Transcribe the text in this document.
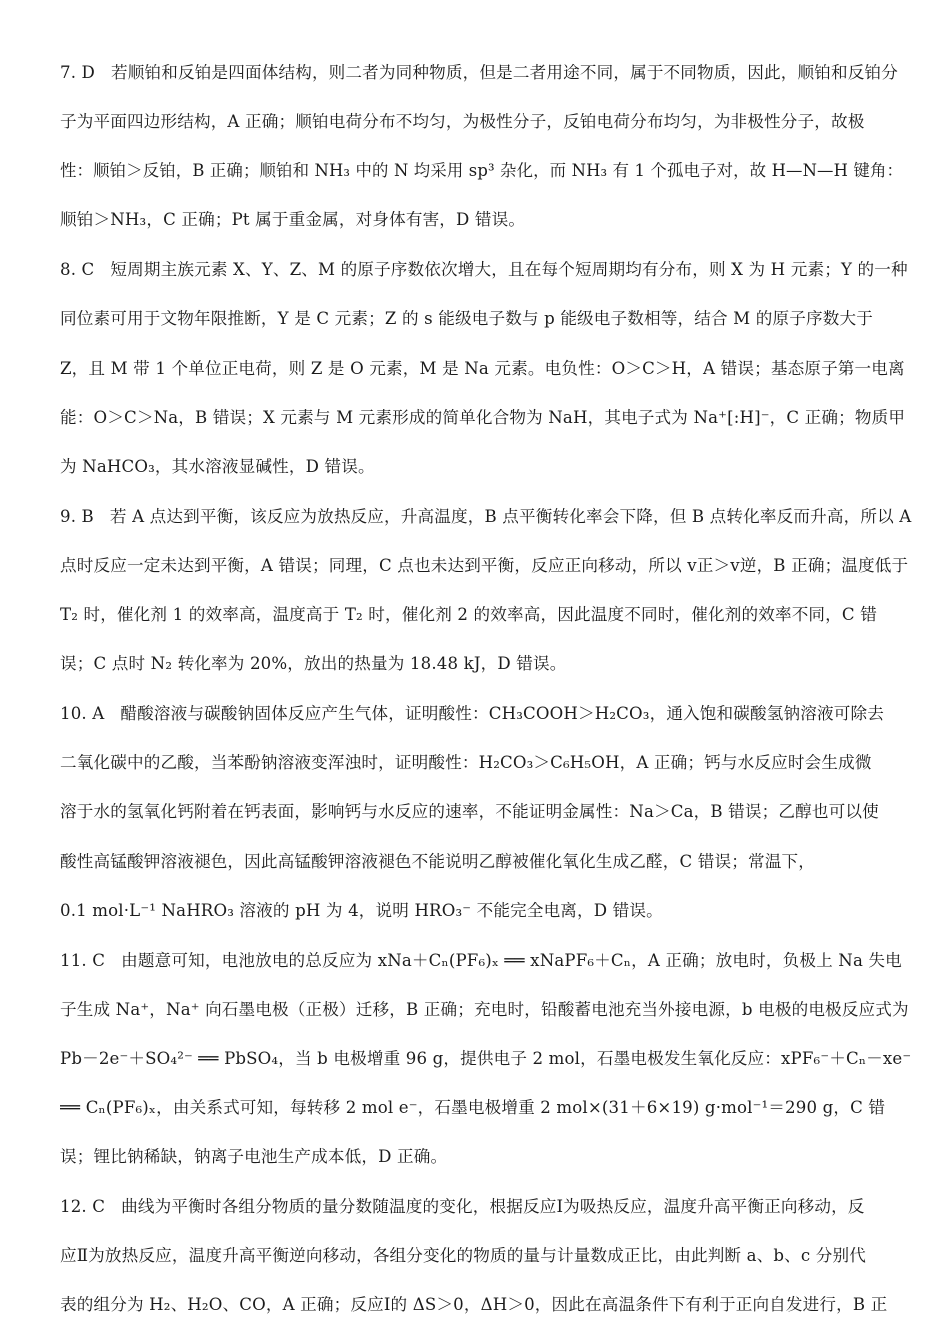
7. D 若顺铂和反铂是四面体结构，则二者为同种物质，但是二者用途不同，属于不同物质，因此，顺铂和反铂分
子为平面四边形结构，A 正确；顺铂电荷分布不均匀，为极性分子，反铂电荷分布均匀，为非极性分子，故极
性：顺铂＞反铂，B 正确；顺铂和 NH₃ 中的 N 均采用 sp³ 杂化，而 NH₃ 有 1 个孤电子对，故 H—N—H 键角：
顺铂＞NH₃，C 正确；Pt 属于重金属，对身体有害，D 错误。
8. C 短周期主族元素 X、Y、Z、M 的原子序数依次增大，且在每个短周期均有分布，则 X 为 H 元素；Y 的一种
同位素可用于文物年限推断，Y 是 C 元素；Z 的 s 能级电子数与 p 能级电子数相等，结合 M 的原子序数大于
Z，且 M 带 1 个单位正电荷，则 Z 是 O 元素，M 是 Na 元素。电负性：O＞C＞H，A 错误；基态原子第一电离
能：O＞C＞Na，B 错误；X 元素与 M 元素形成的简单化合物为 NaH，其电子式为 Na⁺[:H]⁻，C 正确；物质甲
为 NaHCO₃，其水溶液显碱性，D 错误。
9. B 若 A 点达到平衡，该反应为放热反应，升高温度，B 点平衡转化率会下降，但 B 点转化率反而升高，所以 A
点时反应一定未达到平衡，A 错误；同理，C 点也未达到平衡，反应正向移动，所以 v正＞v逆，B 正确；温度低于
T₂ 时，催化剂 1 的效率高，温度高于 T₂ 时，催化剂 2 的效率高，因此温度不同时，催化剂的效率不同，C 错
误；C 点时 N₂ 转化率为 20%，放出的热量为 18.48 kJ，D 错误。
10. A 醋酸溶液与碳酸钠固体反应产生气体，证明酸性：CH₃COOH＞H₂CO₃，通入饱和碳酸氢钠溶液可除去
二氧化碳中的乙酸，当苯酚钠溶液变浑浊时，证明酸性：H₂CO₃＞C₆H₅OH，A 正确；钙与水反应时会生成微
溶于水的氢氧化钙附着在钙表面，影响钙与水反应的速率，不能证明金属性：Na＞Ca，B 错误；乙醇也可以使
酸性高锰酸钾溶液褪色，因此高锰酸钾溶液褪色不能说明乙醇被催化氧化生成乙醛，C 错误；常温下，
0.1 mol·L⁻¹ NaHRO₃ 溶液的 pH 为 4，说明 HRO₃⁻ 不能完全电离，D 错误。
11. C 由题意可知，电池放电的总反应为 xNa＋Cₙ(PF₆)ₓ ══ xNaPF₆＋Cₙ，A 正确；放电时，负极上 Na 失电
子生成 Na⁺，Na⁺ 向石墨电极（正极）迁移，B 正确；充电时，铅酸蓄电池充当外接电源，b 电极的电极反应式为
Pb－2e⁻＋SO₄²⁻ ══ PbSO₄，当 b 电极增重 96 g，提供电子 2 mol，石墨电极发生氧化反应：xPF₆⁻＋Cₙ－xe⁻
══ Cₙ(PF₆)ₓ，由关系式可知，每转移 2 mol e⁻，石墨电极增重 2 mol×(31＋6×19) g·mol⁻¹＝290 g，C 错
误；锂比钠稀缺，钠离子电池生产成本低，D 正确。
12. C 曲线为平衡时各组分物质的量分数随温度的变化，根据反应Ⅰ为吸热反应，温度升高平衡正向移动，反
应Ⅱ为放热反应，温度升高平衡逆向移动，各组分变化的物质的量与计量数成正比，由此判断 a、b、c 分别代
表的组分为 H₂、H₂O、CO，A 正确；反应Ⅰ的 ΔS＞0，ΔH＞0，因此在高温条件下有利于正向自发进行，B 正
